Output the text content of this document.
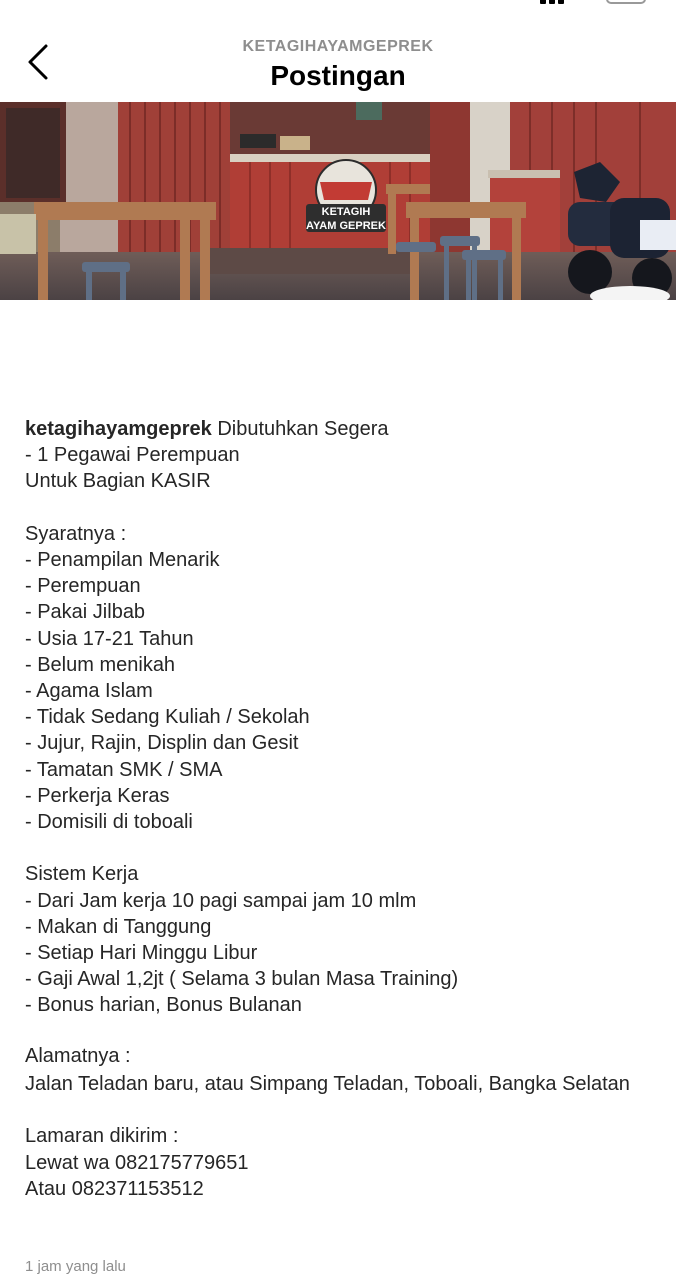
KETAGIHAYAMGEPREK
Postingan
KETAGIH
AYAM GEPREK

ketagihayamgeprek Dibutuhkan Segera

- 1 Pegawai Perempuan

Untuk Bagian KASIR

Syaratnya :

- Penampilan Menarik

- Perempuan

- Pakai Jilbab

- Usia 17-21 Tahun

- Belum menikah

- Agama Islam

- Tidak Sedang Kuliah / Sekolah

- Jujur, Rajin, Displin dan Gesit

- Tamatan SMK / SMA

- Perkerja Keras

- Domisili di toboali

Sistem Kerja

- Dari Jam kerja 10 pagi sampai jam 10 mlm

- Makan di Tanggung

- Setiap Hari Minggu Libur

- Gaji Awal 1,2jt ( Selama 3 bulan Masa Training)

- Bonus harian, Bonus Bulanan

Alamatnya :

Jalan Teladan baru, atau Simpang Teladan, Toboali, Bangka Selatan

Lamaran dikirim :

Lewat wa 082175779651

Atau 082371153512

1 jam yang lalu
